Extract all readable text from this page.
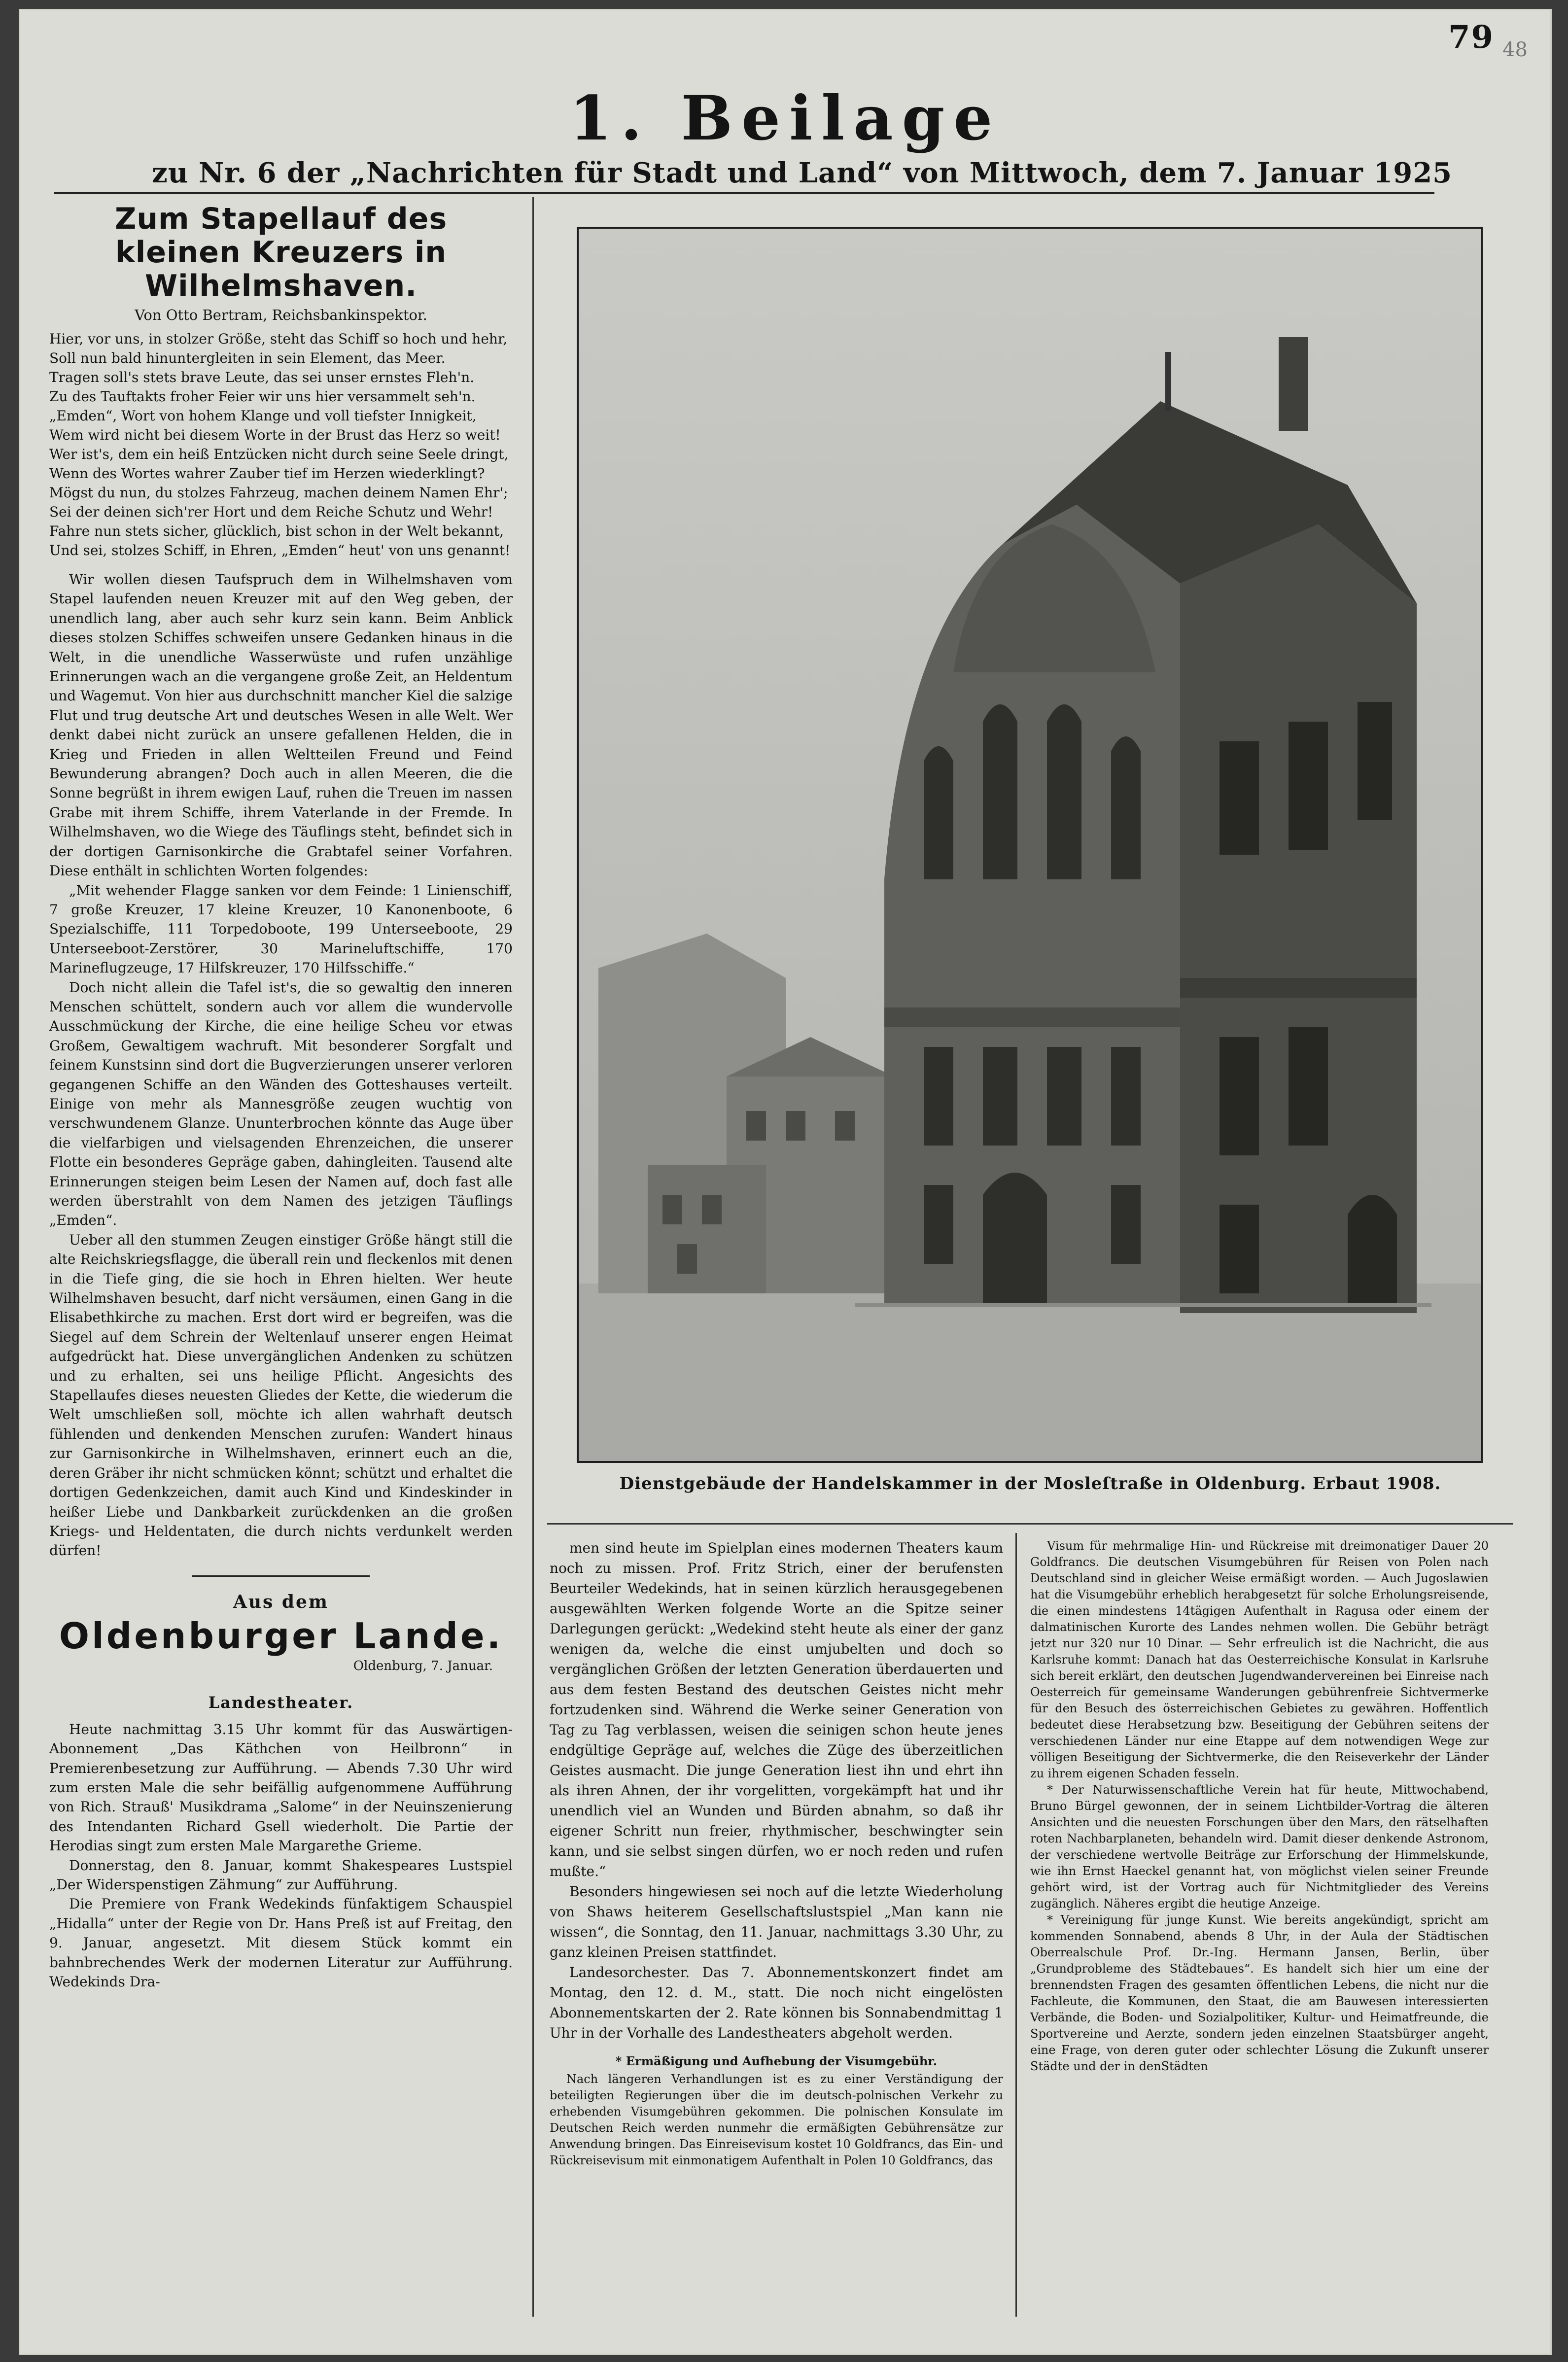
79 48
1. Beilage
zu Nr. 6 der „Nachrichten für Stadt und Land“ von Mittwoch, dem 7. Januar 1925
Zum Stapellauf des kleinen Kreuzers in
Wilhelmshaven.
Von Otto Bertram, Reichsbankinspektor.

Hier, vor uns, in stolzer Größe, steht das Schiff so hoch und hehr,

Soll nun bald hinuntergleiten in sein Element, das Meer.

Tragen soll's stets brave Leute, das sei unser ernstes Fleh'n.

Zu des Tauftakts froher Feier wir uns hier versammelt seh'n.

„Emden“, Wort von hohem Klange und voll tiefster Innigkeit,

Wem wird nicht bei diesem Worte in der Brust das Herz so weit!

Wer ist's, dem ein heiß Entzücken nicht durch seine Seele dringt,

Wenn des Wortes wahrer Zauber tief im Herzen wiederklingt?

Mögst du nun, du stolzes Fahrzeug, machen deinem Namen Ehr';

Sei der deinen sich'rer Hort und dem Reiche Schutz und Wehr!

Fahre nun stets sicher, glücklich, bist schon in der Welt bekannt,

Und sei, stolzes Schiff, in Ehren, „Emden“ heut' von uns genannt!

Wir wollen diesen Taufspruch dem in Wilhelmshaven vom Stapel laufenden neuen Kreuzer mit auf den Weg geben, der unendlich lang, aber auch sehr kurz sein kann. Beim Anblick dieses stolzen Schiffes schweifen unsere Gedanken hinaus in die Welt, in die unendliche Wasserwüste und rufen unzählige Erinnerungen wach an die vergangene große Zeit, an Heldentum und Wagemut. Von hier aus durchschnitt mancher Kiel die salzige Flut und trug deutsche Art und deutsches Wesen in alle Welt. Wer denkt dabei nicht zurück an unsere gefallenen Helden, die in Krieg und Frieden in allen Weltteilen Freund und Feind Bewunderung abrangen? Doch auch in allen Meeren, die die Sonne begrüßt in ihrem ewigen Lauf, ruhen die Treuen im nassen Grabe mit ihrem Schiffe, ihrem Vaterlande in der Fremde. In Wilhelmshaven, wo die Wiege des Täuflings steht, befindet sich in der dortigen Garnisonkirche die Grabtafel seiner Vorfahren. Diese enthält in schlichten Worten folgendes:

„Mit wehender Flagge sanken vor dem Feinde: 1 Linienschiff, 7 große Kreuzer, 17 kleine Kreuzer, 10 Kanonenboote, 6 Spezialschiffe, 111 Torpedoboote, 199 Unterseeboote, 29 Unterseeboot-Zerstörer, 30 Marineluftschiffe, 170 Marineflugzeuge, 17 Hilfskreuzer, 170 Hilfsschiffe.“

Doch nicht allein die Tafel ist's, die so gewaltig den inneren Menschen schüttelt, sondern auch vor allem die wundervolle Ausschmückung der Kirche, die eine heilige Scheu vor etwas Großem, Gewaltigem wachruft. Mit besonderer Sorgfalt und feinem Kunstsinn sind dort die Bugverzierungen unserer verloren gegangenen Schiffe an den Wänden des Gotteshauses verteilt. Einige von mehr als Mannesgröße zeugen wuchtig von verschwundenem Glanze. Ununterbrochen könnte das Auge über die vielfarbigen und vielsagenden Ehrenzeichen, die unserer Flotte ein besonderes Gepräge gaben, dahingleiten. Tausend alte Erinnerungen steigen beim Lesen der Namen auf, doch fast alle werden überstrahlt von dem Namen des jetzigen Täuflings „Emden“.

Ueber all den stummen Zeugen einstiger Größe hängt still die alte Reichskriegsflagge, die überall rein und fleckenlos mit denen in die Tiefe ging, die sie hoch in Ehren hielten. Wer heute Wilhelmshaven besucht, darf nicht versäumen, einen Gang in die Elisabethkirche zu machen. Erst dort wird er begreifen, was die Siegel auf dem Schrein der Weltenlauf unserer engen Heimat aufgedrückt hat. Diese unvergänglichen Andenken zu schützen und zu erhalten, sei uns heilige Pflicht. Angesichts des Stapellaufes dieses neuesten Gliedes der Kette, die wiederum die Welt umschließen soll, möchte ich allen wahrhaft deutsch fühlenden und denkenden Menschen zurufen: Wandert hinaus zur Garnisonkirche in Wilhelmshaven, erinnert euch an die, deren Gräber ihr nicht schmücken könnt; schützt und erhaltet die dortigen Gedenkzeichen, damit auch Kind und Kindeskinder in heißer Liebe und Dankbarkeit zurückdenken an die großen Kriegs- und Heldentaten, die durch nichts verdunkelt werden dürfen!

Aus dem
Oldenburger Lande.
Oldenburg, 7. Januar.
Landestheater.

Heute nachmittag 3.15 Uhr kommt für das Auswärtigen-Abonnement „Das Käthchen von Heilbronn“ in Premierenbesetzung zur Aufführung. — Abends 7.30 Uhr wird zum ersten Male die sehr beifällig aufgenommene Aufführung von Rich. Strauß' Musikdrama „Salome“ in der Neuinszenierung des Intendanten Richard Gsell wiederholt. Die Partie der Herodias singt zum ersten Male Margarethe Grieme.

Donnerstag, den 8. Januar, kommt Shakespeares Lustspiel „Der Widerspenstigen Zähmung“ zur Aufführung.

Die Premiere von Frank Wedekinds fünfaktigem Schauspiel „Hidalla“ unter der Regie von Dr. Hans Preß ist auf Freitag, den 9. Januar, angesetzt. Mit diesem Stück kommt ein bahnbrechendes Werk der modernen Literatur zur Aufführung. Wedekinds Dra-

Dienstgebäude der Handelskammer in der Mosleſtraße in Oldenburg. Erbaut 1908.

men sind heute im Spielplan eines modernen Theaters kaum noch zu missen. Prof. Fritz Strich, einer der berufensten Beurteiler Wedekinds, hat in seinen kürzlich herausgegebenen ausgewählten Werken folgende Worte an die Spitze seiner Darlegungen gerückt: „Wedekind steht heute als einer der ganz wenigen da, welche die einst umjubelten und doch so vergänglichen Größen der letzten Generation überdauerten und aus dem festen Bestand des deutschen Geistes nicht mehr fortzudenken sind. Während die Werke seiner Generation von Tag zu Tag verblassen, weisen die seinigen schon heute jenes endgültige Gepräge auf, welches die Züge des überzeitlichen Geistes ausmacht. Die junge Generation liest ihn und ehrt ihn als ihren Ahnen, der ihr vorgelitten, vorgekämpft hat und ihr unendlich viel an Wunden und Bürden abnahm, so daß ihr eigener Schritt nun freier, rhythmischer, beschwingter sein kann, und sie selbst singen dürfen, wo er noch reden und rufen mußte.“

Besonders hingewiesen sei noch auf die letzte Wiederholung von Shaws heiterem Gesellschaftslustspiel „Man kann nie wissen“, die Sonntag, den 11. Januar, nachmittags 3.30 Uhr, zu ganz kleinen Preisen stattfindet.

Landesorchester. Das 7. Abonnementskonzert findet am Montag, den 12. d. M., statt. Die noch nicht eingelösten Abonnementskarten der 2. Rate können bis Sonnabendmittag 1 Uhr in der Vorhalle des Landestheaters abgeholt werden.

* Ermäßigung und Aufhebung der Visumgebühr.

Nach längeren Verhandlungen ist es zu einer Verständigung der beteiligten Regierungen über die im deutsch-polnischen Verkehr zu erhebenden Visumgebühren gekommen. Die polnischen Konsulate im Deutschen Reich werden nunmehr die ermäßigten Gebührensätze zur Anwendung bringen. Das Einreisevisum kostet 10 Goldfrancs, das Ein- und Rückreisevisum mit einmonatigem Aufenthalt in Polen 10 Goldfrancs, das

Visum für mehrmalige Hin- und Rückreise mit dreimonatiger Dauer 20 Goldfrancs. Die deutschen Visumgebühren für Reisen von Polen nach Deutschland sind in gleicher Weise ermäßigt worden. — Auch Jugoslawien hat die Visumgebühr erheblich herabgesetzt für solche Erholungsreisende, die einen mindestens 14tägigen Aufenthalt in Ragusa oder einem der dalmatinischen Kurorte des Landes nehmen wollen. Die Gebühr beträgt jetzt nur 320 nur 10 Dinar. — Sehr erfreulich ist die Nachricht, die aus Karlsruhe kommt: Danach hat das Oesterreichische Konsulat in Karlsruhe sich bereit erklärt, den deutschen Jugendwandervereinen bei Einreise nach Oesterreich für gemeinsame Wanderungen gebührenfreie Sichtvermerke für den Besuch des österreichischen Gebietes zu gewähren. Hoffentlich bedeutet diese Herabsetzung bzw. Beseitigung der Gebühren seitens der verschiedenen Länder nur eine Etappe auf dem notwendigen Wege zur völligen Beseitigung der Sichtvermerke, die den Reiseverkehr der Länder zu ihrem eigenen Schaden fesseln.

* Der Naturwissenschaftliche Verein hat für heute, Mittwochabend, Bruno Bürgel gewonnen, der in seinem Lichtbilder-Vortrag die älteren Ansichten und die neuesten Forschungen über den Mars, den rätselhaften roten Nachbarplaneten, behandeln wird. Damit dieser denkende Astronom, der verschiedene wertvolle Beiträge zur Erforschung der Himmelskunde, wie ihn Ernst Haeckel genannt hat, von möglichst vielen seiner Freunde gehört wird, ist der Vortrag auch für Nichtmitglieder des Vereins zugänglich. Näheres ergibt die heutige Anzeige.

* Vereinigung für junge Kunst. Wie bereits angekündigt, spricht am kommenden Sonnabend, abends 8 Uhr, in der Aula der Städtischen Oberrealschule Prof. Dr.-Ing. Hermann Jansen, Berlin, über „Grundprobleme des Städtebaues“. Es handelt sich hier um eine der brennendsten Fragen des gesamten öffentlichen Lebens, die nicht nur die Fachleute, die Kommunen, den Staat, die am Bauwesen interessierten Verbände, die Boden- und Sozialpolitiker, Kultur- und Heimatfreunde, die Sportvereine und Aerzte, sondern jeden einzelnen Staatsbürger angeht, eine Frage, von deren guter oder schlechter Lösung die Zukunft unserer Städte und der in denStädten
